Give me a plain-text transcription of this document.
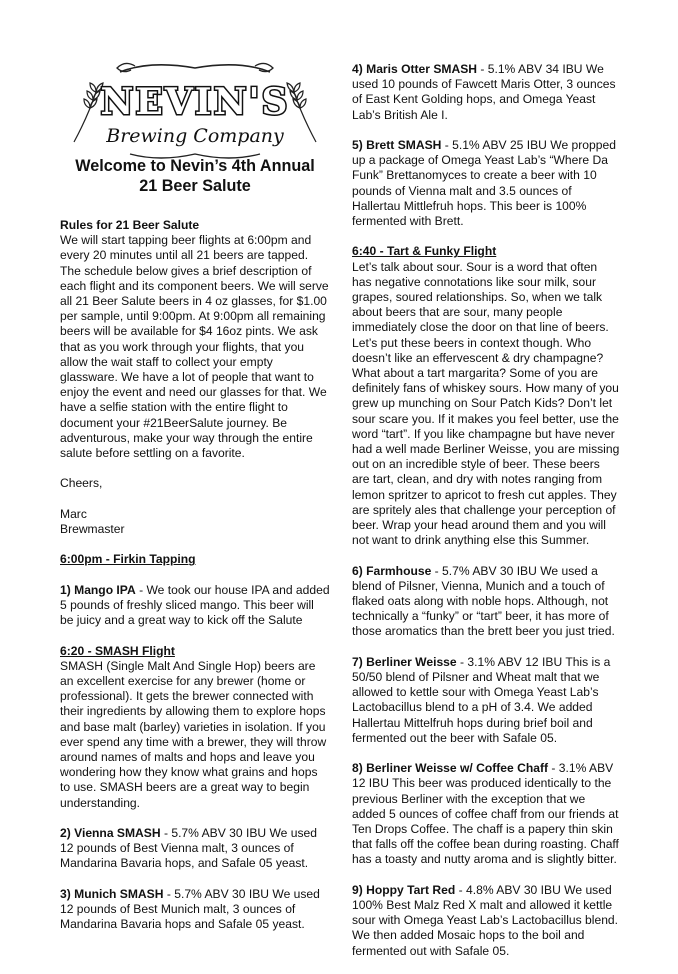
NEVIN'S
Brewing Company
Welcome to Nevin’s 4th Annual
21 Beer Salute

Rules for 21 Beer Salute

We will start tapping beer flights at 6:00pm and every 20 minutes until all 21 beers are tapped. The schedule below gives a brief description of each flight and its component beers. We will serve all 21 Beer Salute beers in 4 oz glasses, for $1.00 per sample, until 9:00pm. At 9:00pm all remaining beers will be available for $4 16oz pints. We ask that as you work through your flights, that you allow the wait staff to collect your empty glassware. We have a lot of people that want to enjoy the event and need our glasses for that. We have a selfie station with the entire flight to document your #21BeerSalute journey. Be adventurous, make your way through the entire salute before settling on a favorite.

Cheers,

Marc

Brewmaster

6:00pm - Firkin Tapping

1) Mango IPA - We took our house IPA and added 5 pounds of freshly sliced mango. This beer will be juicy and a great way to kick off the Salute

6:20 - SMASH Flight

SMASH (Single Malt And Single Hop) beers are an excellent exercise for any brewer (home or professional). It gets the brewer connected with their ingredients by allowing them to explore hops and base malt (barley) varieties in isolation. If you ever spend any time with a brewer, they will throw around names of malts and hops and leave you wondering how they know what grains and hops to use. SMASH beers are a great way to begin understanding.

2) Vienna SMASH - 5.7% ABV 30 IBU We used 12 pounds of Best Vienna malt, 3 ounces of Mandarina Bavaria hops, and Safale 05 yeast.

3) Munich SMASH - 5.7% ABV 30 IBU We used 12 pounds of Best Munich malt, 3 ounces of Mandarina Bavaria hops and Safale 05 yeast.

4) Maris Otter SMASH - 5.1% ABV 34 IBU We used 10 pounds of Fawcett Maris Otter, 3 ounces of East Kent Golding hops, and Omega Yeast Lab’s British Ale I.

5) Brett SMASH - 5.1% ABV 25 IBU We propped up a package of Omega Yeast Lab’s “Where Da Funk” Brettanomyces to create a beer with 10 pounds of Vienna malt and 3.5 ounces of Hallertau Mittlefruh hops. This beer is 100% fermented with Brett.

6:40 - Tart & Funky Flight

Let’s talk about sour. Sour is a word that often has negative connotations like sour milk, sour grapes, soured relationships. So, when we talk about beers that are sour, many people immediately close the door on that line of beers. Let’s put these beers in context though. Who doesn’t like an effervescent & dry champagne? What about a tart margarita? Some of you are definitely fans of whiskey sours. How many of you grew up munching on Sour Patch Kids? Don’t let sour scare you. If it makes you feel better, use the word “tart”. If you like champagne but have never had a well made Berliner Weisse, you are missing out on an incredible style of beer. These beers are tart, clean, and dry with notes ranging from lemon spritzer to apricot to fresh cut apples. They are spritely ales that challenge your perception of beer. Wrap your head around them and you will not want to drink anything else this Summer.

6) Farmhouse - 5.7% ABV 30 IBU We used a blend of Pilsner, Vienna, Munich and a touch of flaked oats along with noble hops. Although, not technically a “funky” or “tart” beer, it has more of those aromatics than the brett beer you just tried.

7) Berliner Weisse - 3.1% ABV 12 IBU This is a 50/50 blend of Pilsner and Wheat malt that we allowed to kettle sour with Omega Yeast Lab’s Lactobacillus blend to a pH of 3.4. We added Hallertau Mittelfruh hops during brief boil and fermented out the beer with Safale 05.

8) Berliner Weisse w/ Coffee Chaff - 3.1% ABV 12 IBU This beer was produced identically to the previous Berliner with the exception that we added 5 ounces of coffee chaff from our friends at Ten Drops Coffee. The chaff is a papery thin skin that falls off the coffee bean during roasting. Chaff has a toasty and nutty aroma and is slightly bitter.

9) Hoppy Tart Red - 4.8% ABV 30 IBU We used 100% Best Malz Red X malt and allowed it kettle sour with Omega Yeast Lab’s Lactobacillus blend. We then added Mosaic hops to the boil and fermented out with Safale 05.
